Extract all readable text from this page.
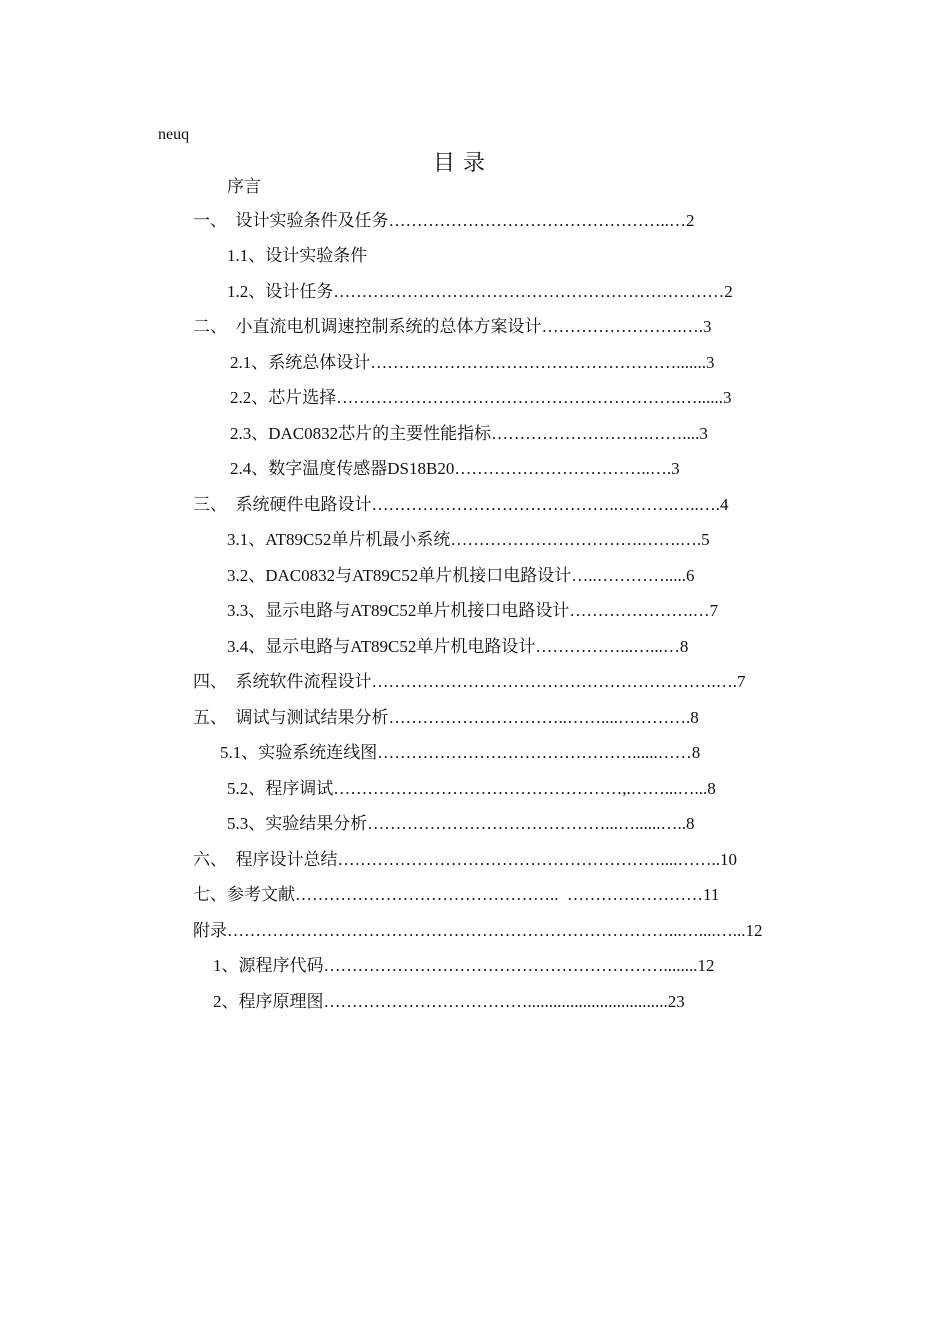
neuq
目录
序言
一、  设计实验条件及任务…………………………………………..…2
1.1、设计实验条件
1.2、设计任务……………………………………………………………2
二、  小直流电机调速控制系统的总体方案设计…………………….….3
2.1、系统总体设计……………………………………………….......3
2.2、芯片选择…………………………………………………….…......3
2.3、DAC0832芯片的主要性能指标……………………….……....3
2.4、数字温度传感器DS18B20……………………………..….3
三、  系统硬件电路设计……………………………………..……….…..….4
3.1、AT89C52单片机最小系统…………………………….…….….5
3.2、DAC0832与AT89C52单片机接口电路设计…..………….....6
3.3、显示电路与AT89C52单片机接口电路设计………………….…7
3.4、显示电路与AT89C52单片机电路设计……………...…...…8
四、  系统软件流程设计…………………………………………………….….7
五、  调试与测试结果分析…………………………..……....………….8
5.1、实验系统连线图………………………………………......……8
5.2、程序调试……………………………………………,.……...…...8
5.3、实验结果分析……………………………………...…......…..8
六、  程序设计总结…………………………………………………....……..10
七、参考文献………………………………………..  ……………………11
附录……………………………………………………………………...…....…...12
1、源程序代码……………………………………………………........12
2、程序原理图……………………………….................................23
